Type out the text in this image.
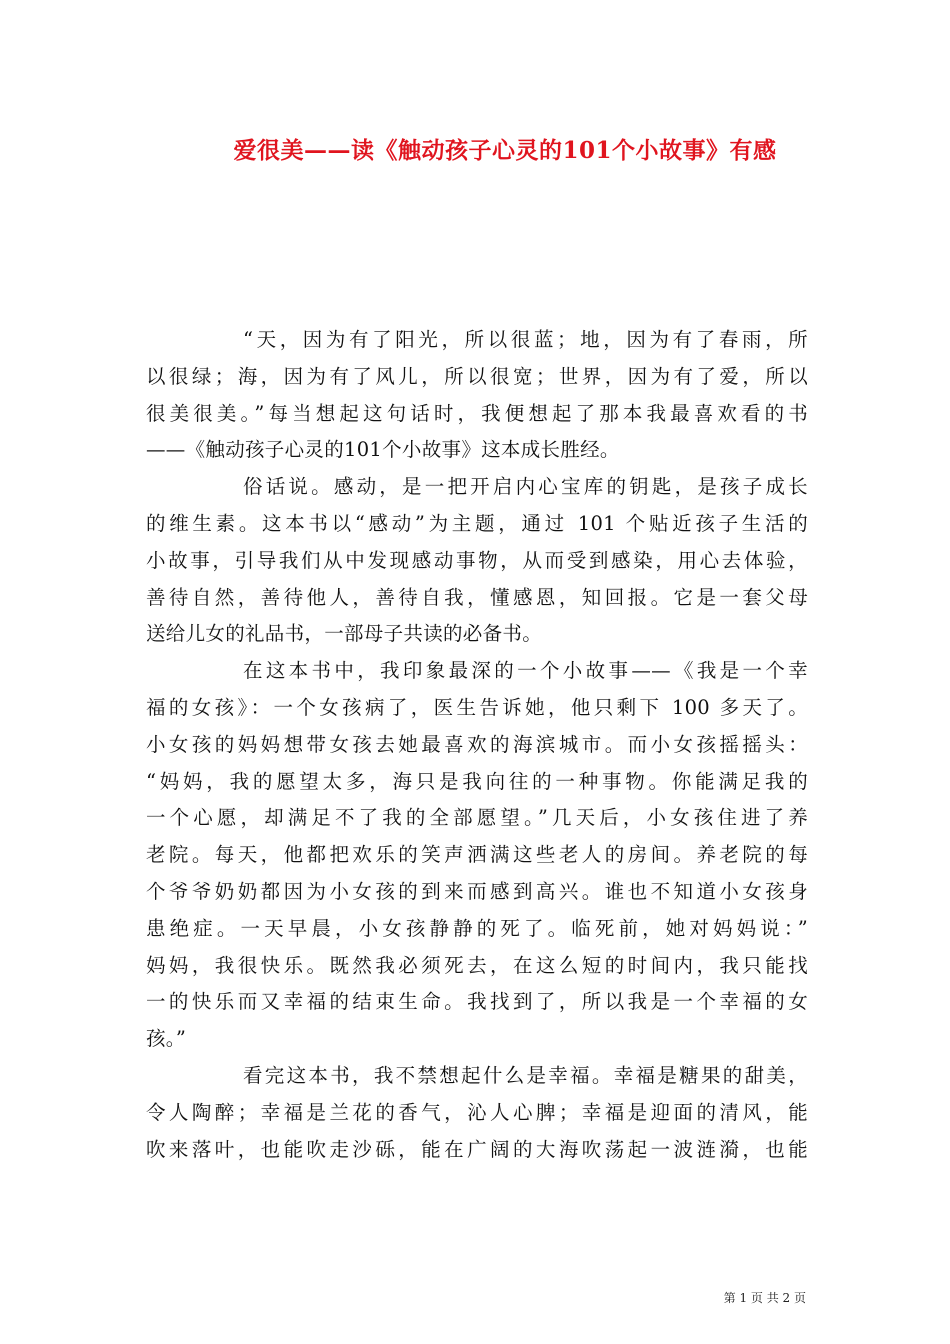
爱很美——读《触动孩子心灵的101个小故事》有感
“天，因为有了阳光，所以很蓝；地，因为有了春雨，所
以很绿；海，因为有了风儿，所以很宽；世界，因为有了爱，所以
很美很美。”每当想起这句话时，我便想起了那本我最喜欢看的书
——《触动孩子心灵的101个小故事》这本成长胜经。
俗话说。感动，是一把开启内心宝库的钥匙，是孩子成长
的维生素。这本书以“感动”为主题，通过 101 个贴近孩子生活的
小故事，引导我们从中发现感动事物，从而受到感染，用心去体验，
善待自然，善待他人，善待自我，懂感恩，知回报。它是一套父母
送给儿女的礼品书，一部母子共读的必备书。
在这本书中，我印象最深的一个小故事——《我是一个幸
福的女孩》：一个女孩病了，医生告诉她，他只剩下 100 多天了。
小女孩的妈妈想带女孩去她最喜欢的海滨城市。而小女孩摇摇头：
“妈妈，我的愿望太多，海只是我向往的一种事物。你能满足我的
一个心愿，却满足不了我的全部愿望。”几天后，小女孩住进了养
老院。每天，他都把欢乐的笑声洒满这些老人的房间。养老院的每
个爷爷奶奶都因为小女孩的到来而感到高兴。谁也不知道小女孩身
患绝症。一天早晨，小女孩静静的死了。临死前，她对妈妈说：”
妈妈，我很快乐。既然我必须死去，在这么短的时间内，我只能找
一的快乐而又幸福的结束生命。我找到了，所以我是一个幸福的女
孩。”
看完这本书，我不禁想起什么是幸福。幸福是糖果的甜美，
令人陶醉；幸福是兰花的香气，沁人心脾；幸福是迎面的清风，能
吹来落叶，也能吹走沙砾，能在广阔的大海吹荡起一波涟漪，也能
第 1 页 共 2 页
